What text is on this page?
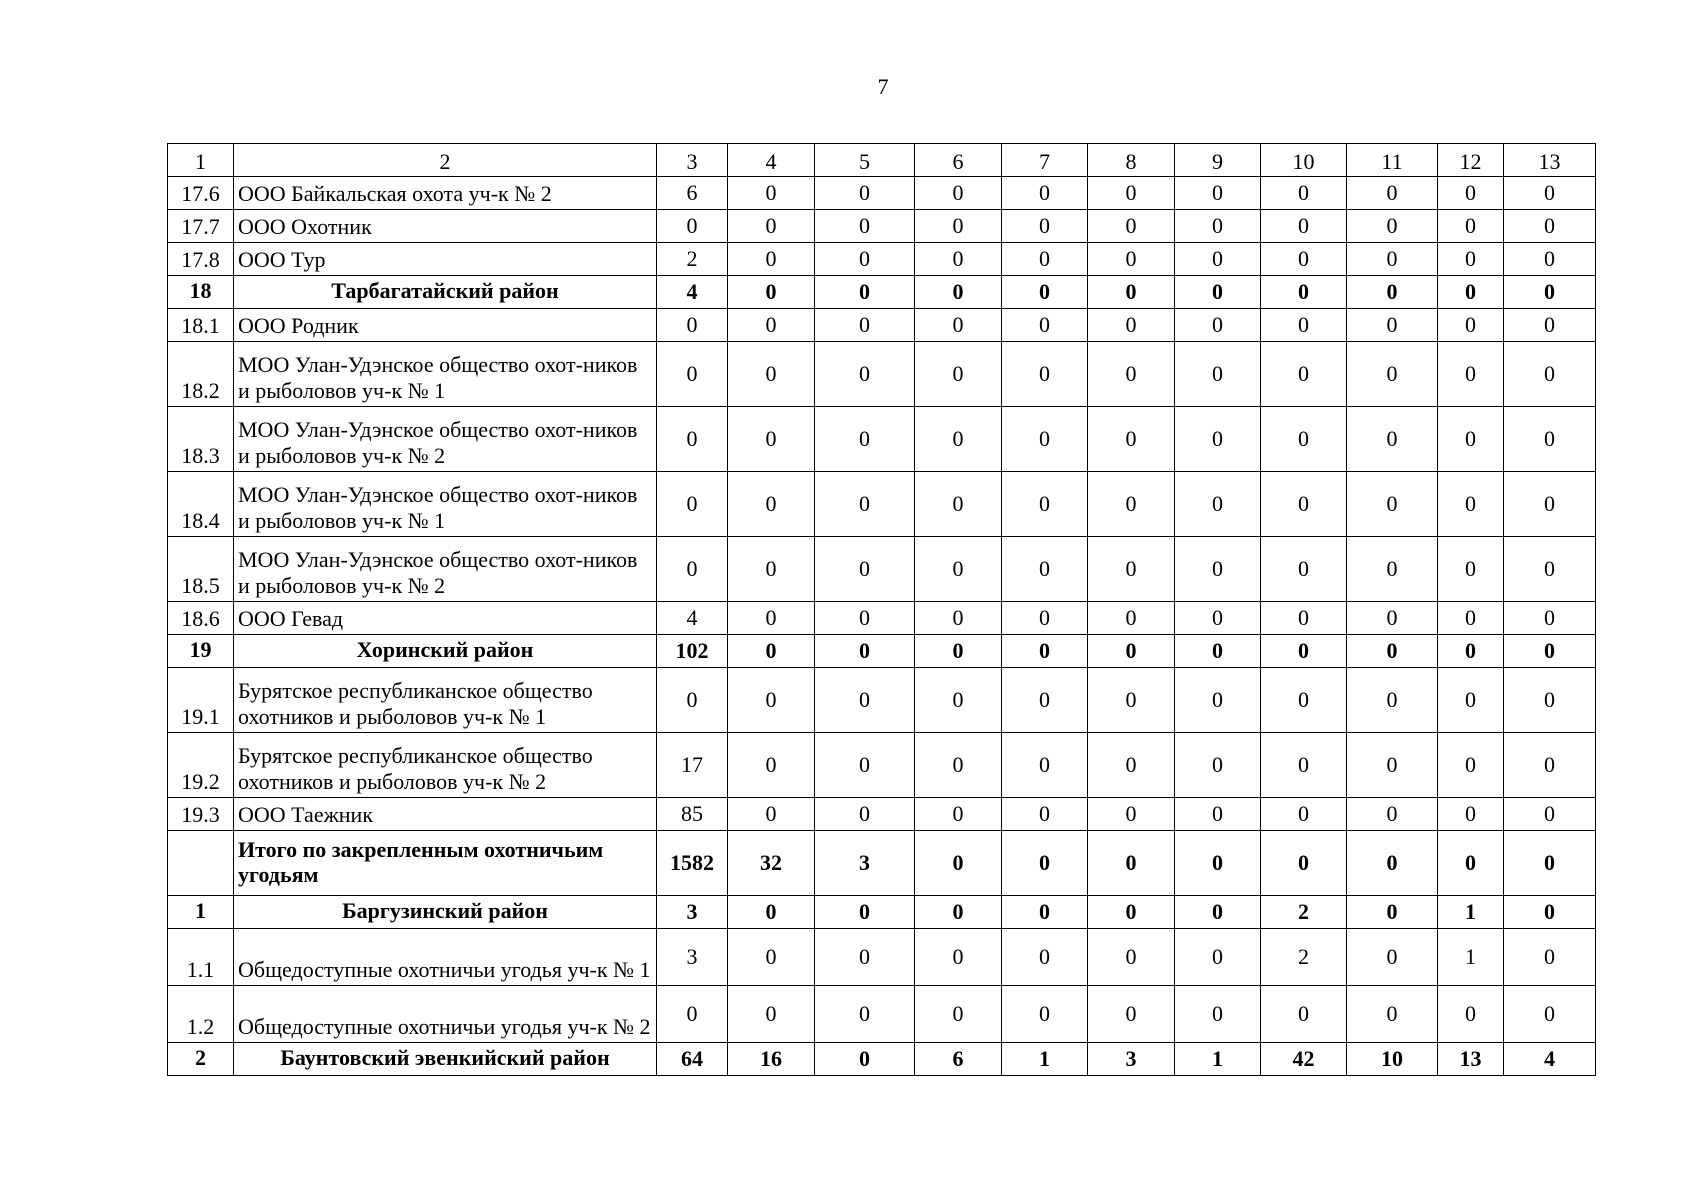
7
1	2	3	4	5	6	7	8	9	10	11	12	13
17.6	ООО Байкальская охота уч-к № 2	6	0	0	0	0	0	0	0	0	0	0
17.7	ООО Охотник	0	0	0	0	0	0	0	0	0	0	0
17.8	ООО Тур	2	0	0	0	0	0	0	0	0	0	0
18	Тарбагатайский район	4	0	0	0	0	0	0	0	0	0	0
18.1	ООО Родник	0	0	0	0	0	0	0	0	0	0	0
18.2	МОО Улан-Удэнское общество охот-ников и рыболовов уч-к № 1	0	0	0	0	0	0	0	0	0	0	0
18.3	МОО Улан-Удэнское общество охот-ников и рыболовов уч-к № 2	0	0	0	0	0	0	0	0	0	0	0
18.4	МОО Улан-Удэнское общество охот-ников и рыболовов уч-к № 1	0	0	0	0	0	0	0	0	0	0	0
18.5	МОО Улан-Удэнское общество охот-ников и рыболовов уч-к № 2	0	0	0	0	0	0	0	0	0	0	0
18.6	ООО Гевад	4	0	0	0	0	0	0	0	0	0	0
19	Хоринский район	102	0	0	0	0	0	0	0	0	0	0
19.1	Бурятское республиканское общество охотников и рыболовов уч-к № 1	0	0	0	0	0	0	0	0	0	0	0
19.2	Бурятское республиканское общество охотников и рыболовов уч-к № 2	17	0	0	0	0	0	0	0	0	0	0
19.3	ООО Таежник	85	0	0	0	0	0	0	0	0	0	0
	Итого по закрепленным охотничьим угодьям	1582	32	3	0	0	0	0	0	0	0	0
1	Баргузинский район	3	0	0	0	0	0	0	2	0	1	0
1.1	Общедоступные охотничьи угодья уч-к № 1	3	0	0	0	0	0	0	2	0	1	0
1.2	Общедоступные охотничьи угодья уч-к № 2	0	0	0	0	0	0	0	0	0	0	0
2	Баунтовский эвенкийский район	64	16	0	6	1	3	1	42	10	13	4
